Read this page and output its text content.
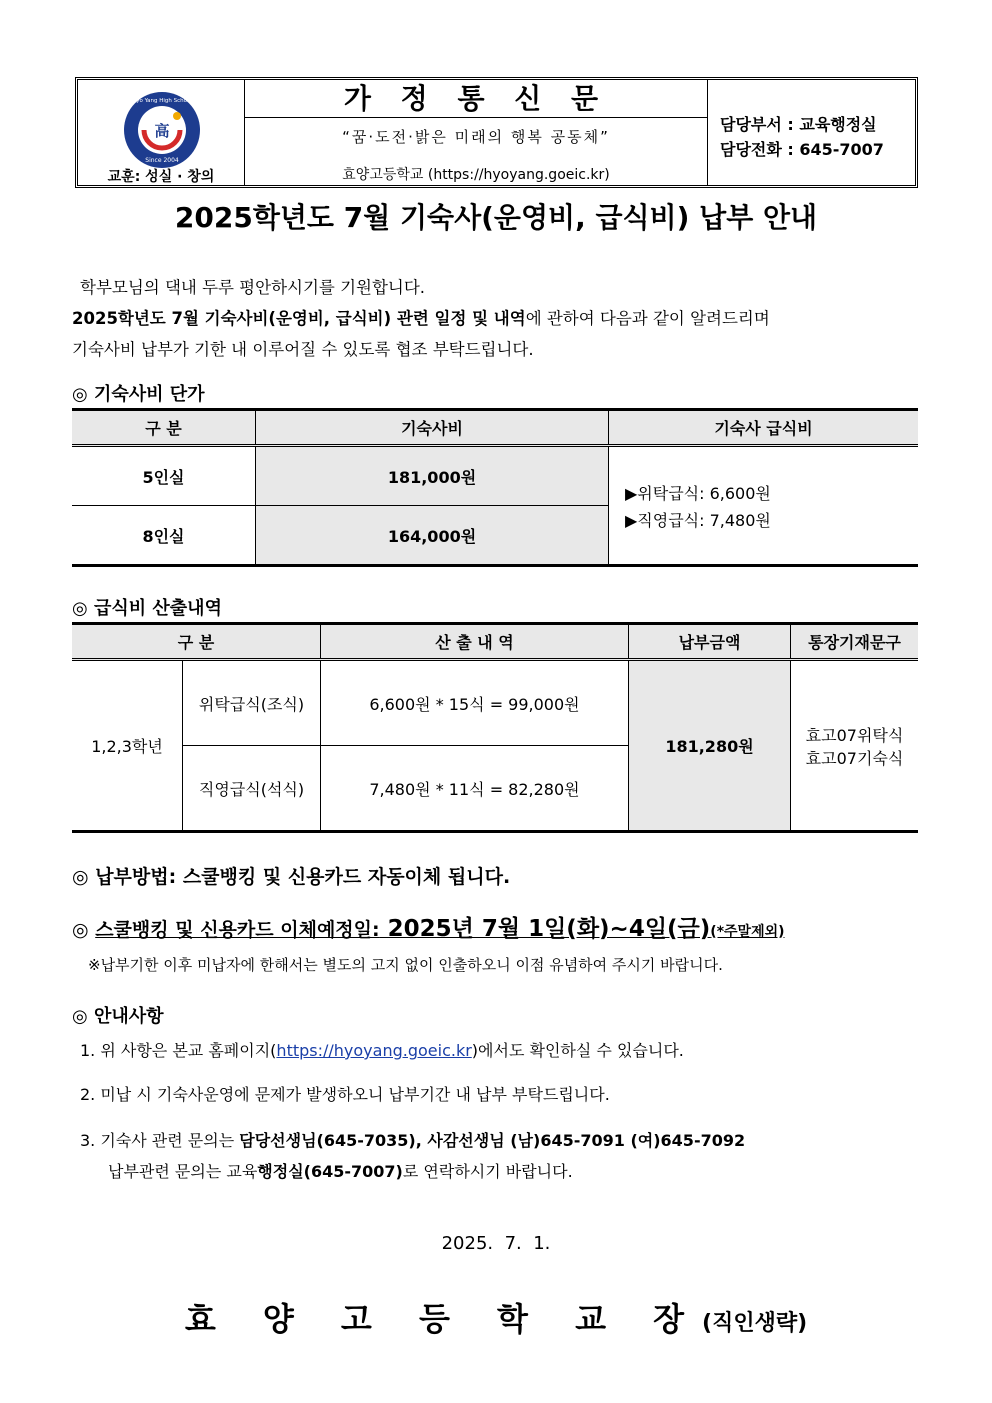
高
Since 2004
Hyo Yang High School
교훈: 성실 · 창의
가 정 통 신 문
“꿈·도전·밝은 미래의 행복 공동체”
효양고등학교 (https://hyoyang.goeic.kr)
담당부서 : 교육행정실
담당전화 : 645-7007
2025학년도 7월 기숙사(운영비, 급식비) 납부 안내
학부모님의 댁내 두루 평안하시기를 기원합니다.
2025학년도 7월 기숙사비(운영비, 급식비) 관련 일정 및 내역에 관하여 다음과 같이 알려드리며
기숙사비 납부가 기한 내 이루어질 수 있도록 협조 부탁드립니다.
◎ 기숙사비 단가
구 분	기숙사비	기숙사 급식비
5인실	181,000원	▶위탁급식: 6,600원
▶직영급식: 7,480원

8인실	164,000원	
◎ 급식비 산출내역
구 분		산 출 내 역	납부금액	통장기재문구
1,2,3학년	위탁급식(조식)	6,600원 * 15식 = 99,000원	181,280원	효고07위탁식
효고07기숙식

	직영급식(석식)	7,480원 * 11식 = 82,280원		
◎ 납부방법: 스쿨뱅킹 및 신용카드 자동이체 됩니다.
◎ 스쿨뱅킹 및 신용카드 이체예정일: 2025년 7월 1일(화)~4일(금)(*주말제외)
※납부기한 이후 미납자에 한해서는 별도의 고지 없이 인출하오니 이점 유념하여 주시기 바랍니다.
◎ 안내사항
1. 위 사항은 본교 홈페이지(https://hyoyang.goeic.kr)에서도 확인하실 수 있습니다.
2. 미납 시 기숙사운영에 문제가 발생하오니 납부기간 내 납부 부탁드립니다.
3. 기숙사 관련 문의는 담당선생님(645-7035), 사감선생님 (남)645-7091 (여)645-7092
납부관련 문의는 교육행정실(645-7007)로 연락하시기 바랍니다.
2025.  7.  1.
효 양 고 등 학 교 장(직인생략)
